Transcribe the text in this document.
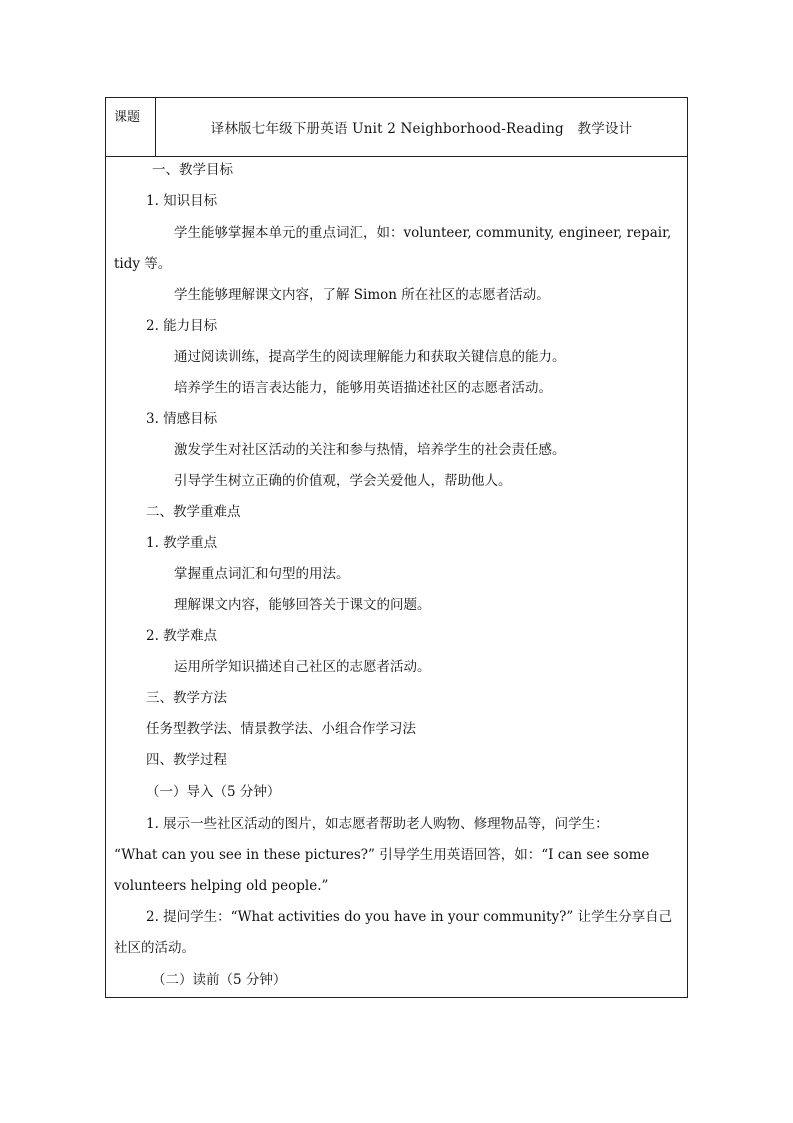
课题
译林版七年级下册英语 Unit 2 Neighborhood-Reading　教学设计
一、教学目标
1. 知识目标
学生能够掌握本单元的重点词汇，如：volunteer, community, engineer, repair,
tidy 等。
学生能够理解课文内容，了解 Simon 所在社区的志愿者活动。
2. 能力目标
通过阅读训练，提高学生的阅读理解能力和获取关键信息的能力。
培养学生的语言表达能力，能够用英语描述社区的志愿者活动。
3. 情感目标
激发学生对社区活动的关注和参与热情，培养学生的社会责任感。
引导学生树立正确的价值观，学会关爱他人，帮助他人。
二、教学重难点
1. 教学重点
掌握重点词汇和句型的用法。
理解课文内容，能够回答关于课文的问题。
2. 教学难点
运用所学知识描述自己社区的志愿者活动。
三、教学方法
任务型教学法、情景教学法、小组合作学习法
四、教学过程
（一）导入（5 分钟）
1. 展示一些社区活动的图片，如志愿者帮助老人购物、修理物品等，问学生：
“What can you see in these pictures?” 引导学生用英语回答，如：“I can see some
volunteers helping old people.”
2. 提问学生：“What activities do you have in your community?” 让学生分享自己
社区的活动。
（二）读前（5 分钟）
